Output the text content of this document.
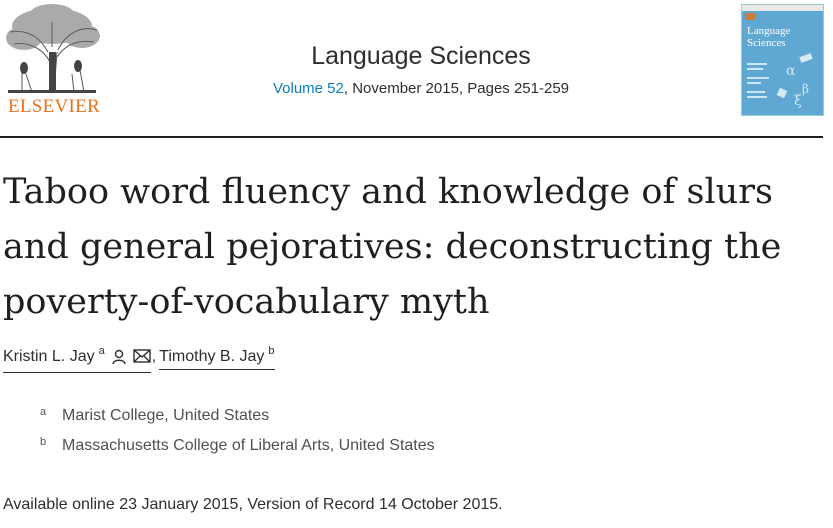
ELSEVIER
Language Sciences
Volume 52, November 2015, Pages 251-259
Language
Sciences
α
β
ξ
Taboo word fluency and knowledge of slurs and general pejoratives: deconstructing the poverty-of-vocabulary myth
Kristin L. Jay a	, Timothy B. Jay b
a Marist College, United States
b Massachusetts College of Liberal Arts, United States
Available online 23 January 2015, Version of Record 14 October 2015.
